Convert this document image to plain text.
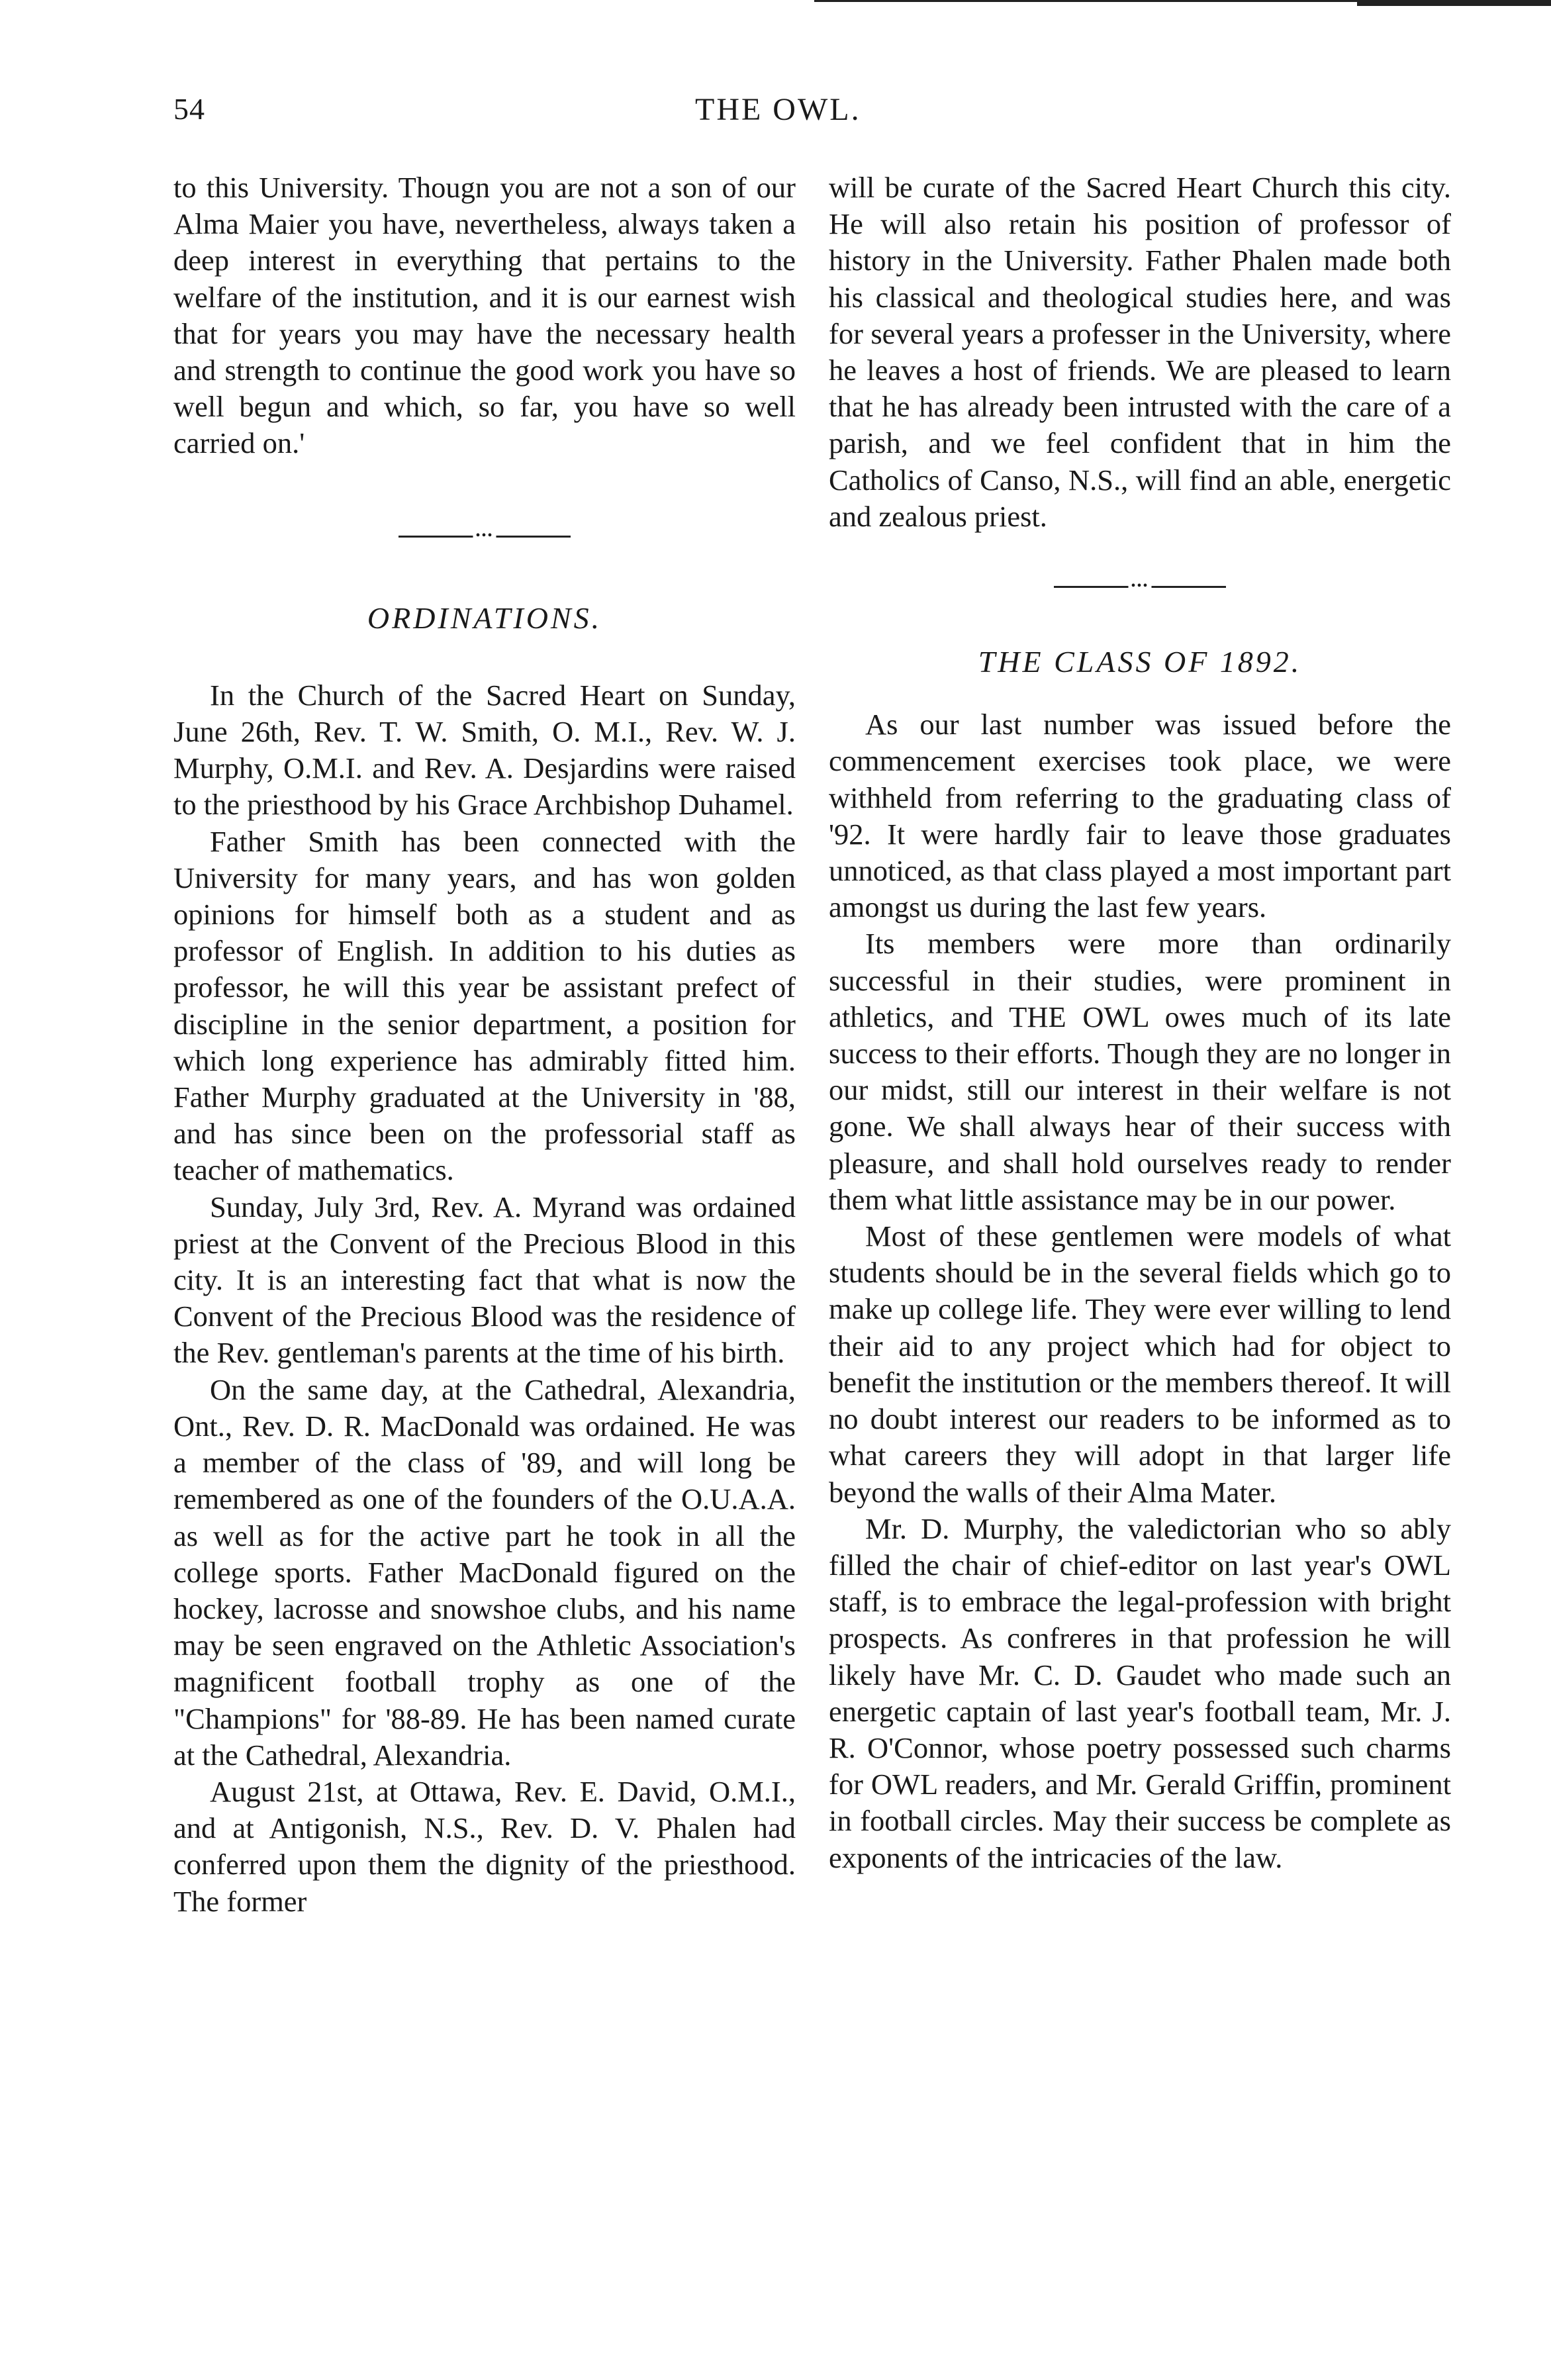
54	THE OWL.

to this University. Thougn you are not a son of our Alma Maier you have, nevertheless, always taken a deep interest in everything that pertains to the welfare of the institution, and it is our earnest wish that for years you may have the necessary health and strength to continue the good work you have so well begun and which, so far, you have so well carried on.'

•••
ORDINATIONS.

In the Church of the Sacred Heart on Sunday, June 26th, Rev. T. W. Smith, O. M.I., Rev. W. J. Murphy, O.M.I. and Rev. A. Desjardins were raised to the priesthood by his Grace Archbishop Duhamel.

Father Smith has been connected with the University for many years, and has won golden opinions for himself both as a student and as professor of English. In addition to his duties as professor, he will this year be assistant prefect of discipline in the senior department, a position for which long experience has admirably fitted him. Father Murphy graduated at the University in '88, and has since been on the professorial staff as teacher of mathematics.

Sunday, July 3rd, Rev. A. Myrand was ordained priest at the Convent of the Precious Blood in this city. It is an interesting fact that what is now the Convent of the Precious Blood was the residence of the Rev. gentleman's parents at the time of his birth.

On the same day, at the Cathedral, Alexandria, Ont., Rev. D. R. MacDonald was ordained. He was a member of the class of '89, and will long be remembered as one of the founders of the O.U.A.A. as well as for the active part he took in all the college sports. Father MacDonald figured on the hockey, lacrosse and snowshoe clubs, and his name may be seen engraved on the Athletic Association's magnificent football trophy as one of the "Champions" for '88-89. He has been named curate at the Cathedral, Alexandria.

August 21st, at Ottawa, Rev. E. David, O.M.I., and at Antigonish, N.S., Rev. D. V. Phalen had conferred upon them the dignity of the priesthood. The former

will be curate of the Sacred Heart Church this city. He will also retain his position of professor of history in the University. Father Phalen made both his classical and theological studies here, and was for several years a professer in the University, where he leaves a host of friends. We are pleased to learn that he has already been intrusted with the care of a parish, and we feel confident that in him the Catholics of Canso, N.S., will find an able, energetic and zealous priest.

•••
THE CLASS OF 1892.

As our last number was issued before the commencement exercises took place, we were withheld from referring to the graduating class of '92. It were hardly fair to leave those graduates unnoticed, as that class played a most important part amongst us during the last few years.

Its members were more than ordinarily successful in their studies, were prominent in athletics, and THE OWL owes much of its late success to their efforts. Though they are no longer in our midst, still our interest in their welfare is not gone. We shall always hear of their success with pleasure, and shall hold ourselves ready to render them what little assistance may be in our power.

Most of these gentlemen were models of what students should be in the several fields which go to make up college life. They were ever willing to lend their aid to any project which had for object to benefit the institution or the members thereof. It will no doubt interest our readers to be informed as to what careers they will adopt in that larger life beyond the walls of their Alma Mater.

Mr. D. Murphy, the valedictorian who so ably filled the chair of chief-editor on last year's OWL staff, is to embrace the legal-profession with bright prospects. As confreres in that profession he will likely have Mr. C. D. Gaudet who made such an energetic captain of last year's football team, Mr. J. R. O'Connor, whose poetry possessed such charms for OWL readers, and Mr. Gerald Griffin, prominent in football circles. May their success be complete as exponents of the intricacies of the law.
